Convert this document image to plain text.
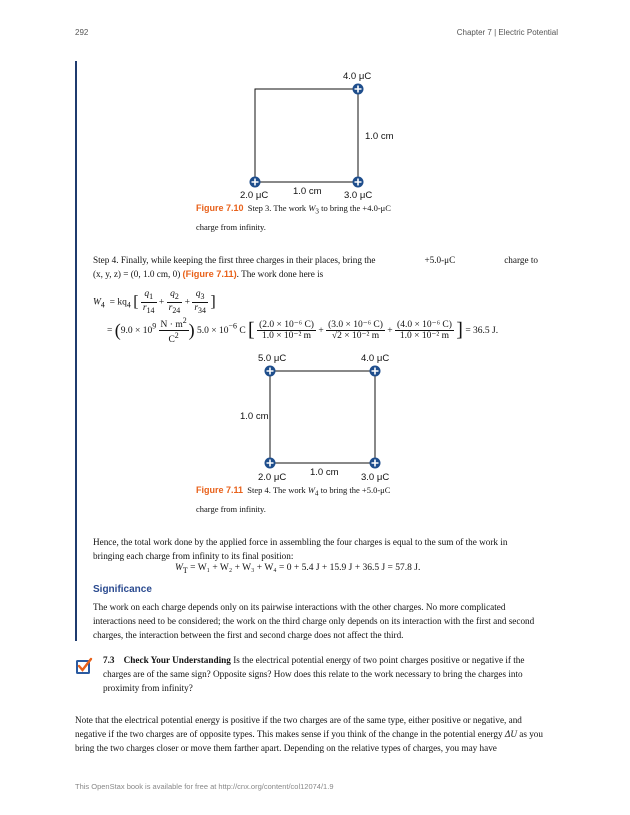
292	Chapter 7 | Electric Potential
4.0 μC
1.0 cm
1.0 cm
2.0 μC	3.0 μC
Figure 7.10 Step 3. The work $W_3$ to bring the +4.0-μC
charge from infinity.
Step 4. Finally, while keeping the first three charges in their places, bring the	+5.0-μC	charge to
(x, y, z) = (0, 1.0 cm, 0) (Figure 7.11). The work done here is
$W_4 = kq_4$ [ $\frac{q_1}{r_{14}} + \frac{q_2}{r_{24}} + \frac{q_3}{r_{34}}$ ]
= ($9.0 \times 10^9 \frac{N \cdot m^2}{C^2}$ ) $5.0 \times 10^{-6}$ C [ $\frac{\text{(2.0 × 10⁻⁶ C)}}{\text{1.0 × 10⁻² m}} + \frac{\text{(3.0 × 10⁻⁶ C)}}{\text{√2 × 10⁻² m}} + \frac{\text{(4.0 × 10⁻⁶ C)}}{\text{1.0 × 10⁻² m}}$ ] = 36.5 J.
5.0 μC	4.0 μC
1.0 cm
1.0 cm
2.0 μC	3.0 μC
Figure 7.11 Step 4. The work $W_4$ to bring the +5.0-μC
charge from infinity.
Hence, the total work done by the applied force in assembling the four charges is equal to the sum of the work in bringing each charge from infinity to its final position:
$W_T = W_1 + W_2 + W_3 + W_4 = 0 + 5.4$ J + 15.9 J + 36.5 J = 57.8 J.
Significance
The work on each charge depends only on its pairwise interactions with the other charges. No more complicated interactions need to be considered; the work on the third charge only depends on its interaction with the first and second charges, the interaction between the first and second charge does not affect the third.
7.3 Check Your Understanding Is the electrical potential energy of two point charges positive or negative if the charges are of the same sign? Opposite signs? How does this relate to the work necessary to bring the charges into proximity from infinity?
Note that the electrical potential energy is positive if the two charges are of the same type, either positive or negative, and negative if the two charges are of opposite types. This makes sense if you think of the change in the potential energy ΔU as you bring the two charges closer or move them farther apart. Depending on the relative types of charges, you may have
This OpenStax book is available for free at http://cnx.org/content/col12074/1.9
